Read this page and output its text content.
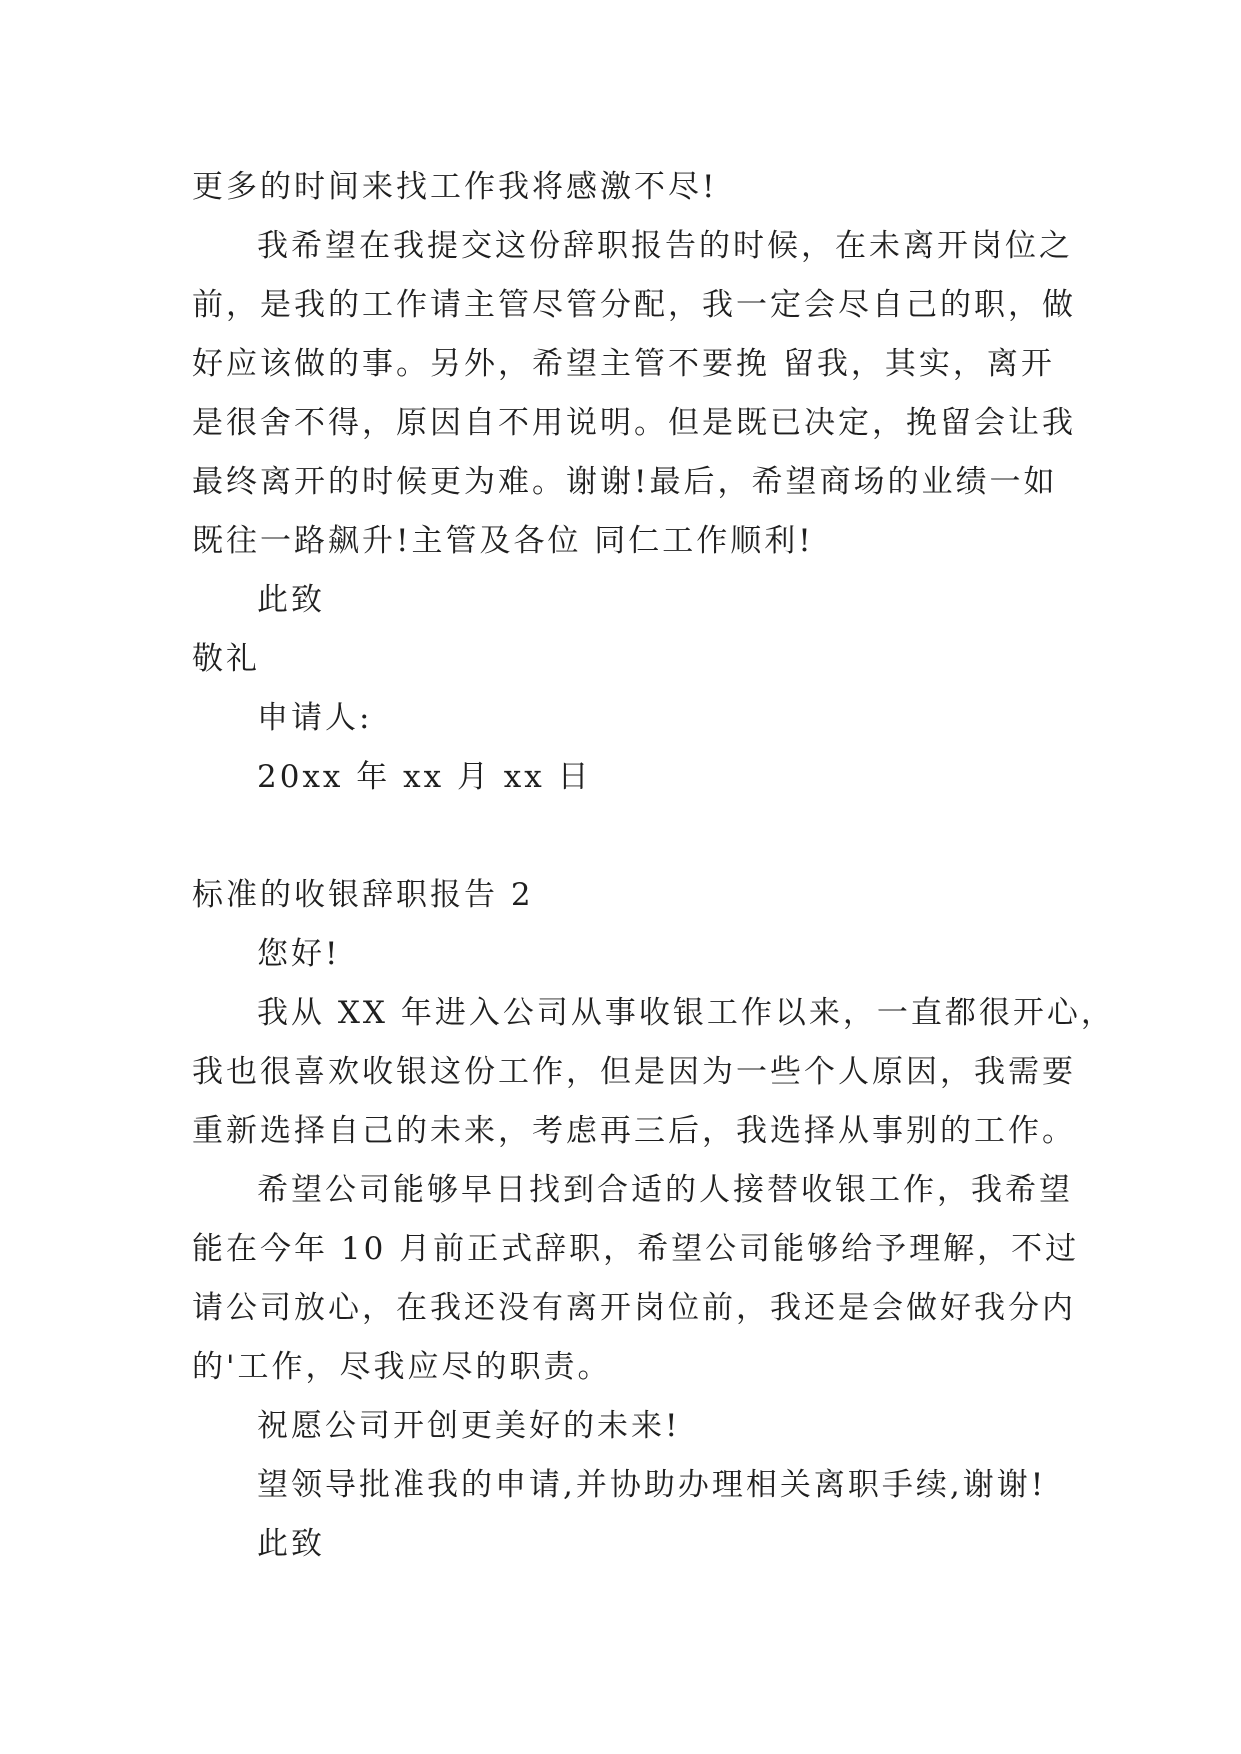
更多的时间来找工作我将感激不尽!
我希望在我提交这份辞职报告的时候，在未离开岗位之
前，是我的工作请主管尽管分配，我一定会尽自己的职，做
好应该做的事。另外，希望主管不要挽 留我，其实，离开
是很舍不得，原因自不用说明。但是既已决定，挽留会让我
最终离开的时候更为难。谢谢!最后，希望商场的业绩一如
既往一路飙升!主管及各位 同仁工作顺利!
此致
敬礼
申请人:
20xx 年 xx 月 xx 日
标准的收银辞职报告 2
您好!
我从 XX 年进入公司从事收银工作以来，一直都很开心，
我也很喜欢收银这份工作，但是因为一些个人原因，我需要
重新选择自己的未来，考虑再三后，我选择从事别的工作。
希望公司能够早日找到合适的人接替收银工作，我希望
能在今年 10 月前正式辞职，希望公司能够给予理解，不过
请公司放心，在我还没有离开岗位前，我还是会做好我分内
的'工作，尽我应尽的职责。
祝愿公司开创更美好的未来!
望领导批准我的申请,并协助办理相关离职手续,谢谢!
此致
